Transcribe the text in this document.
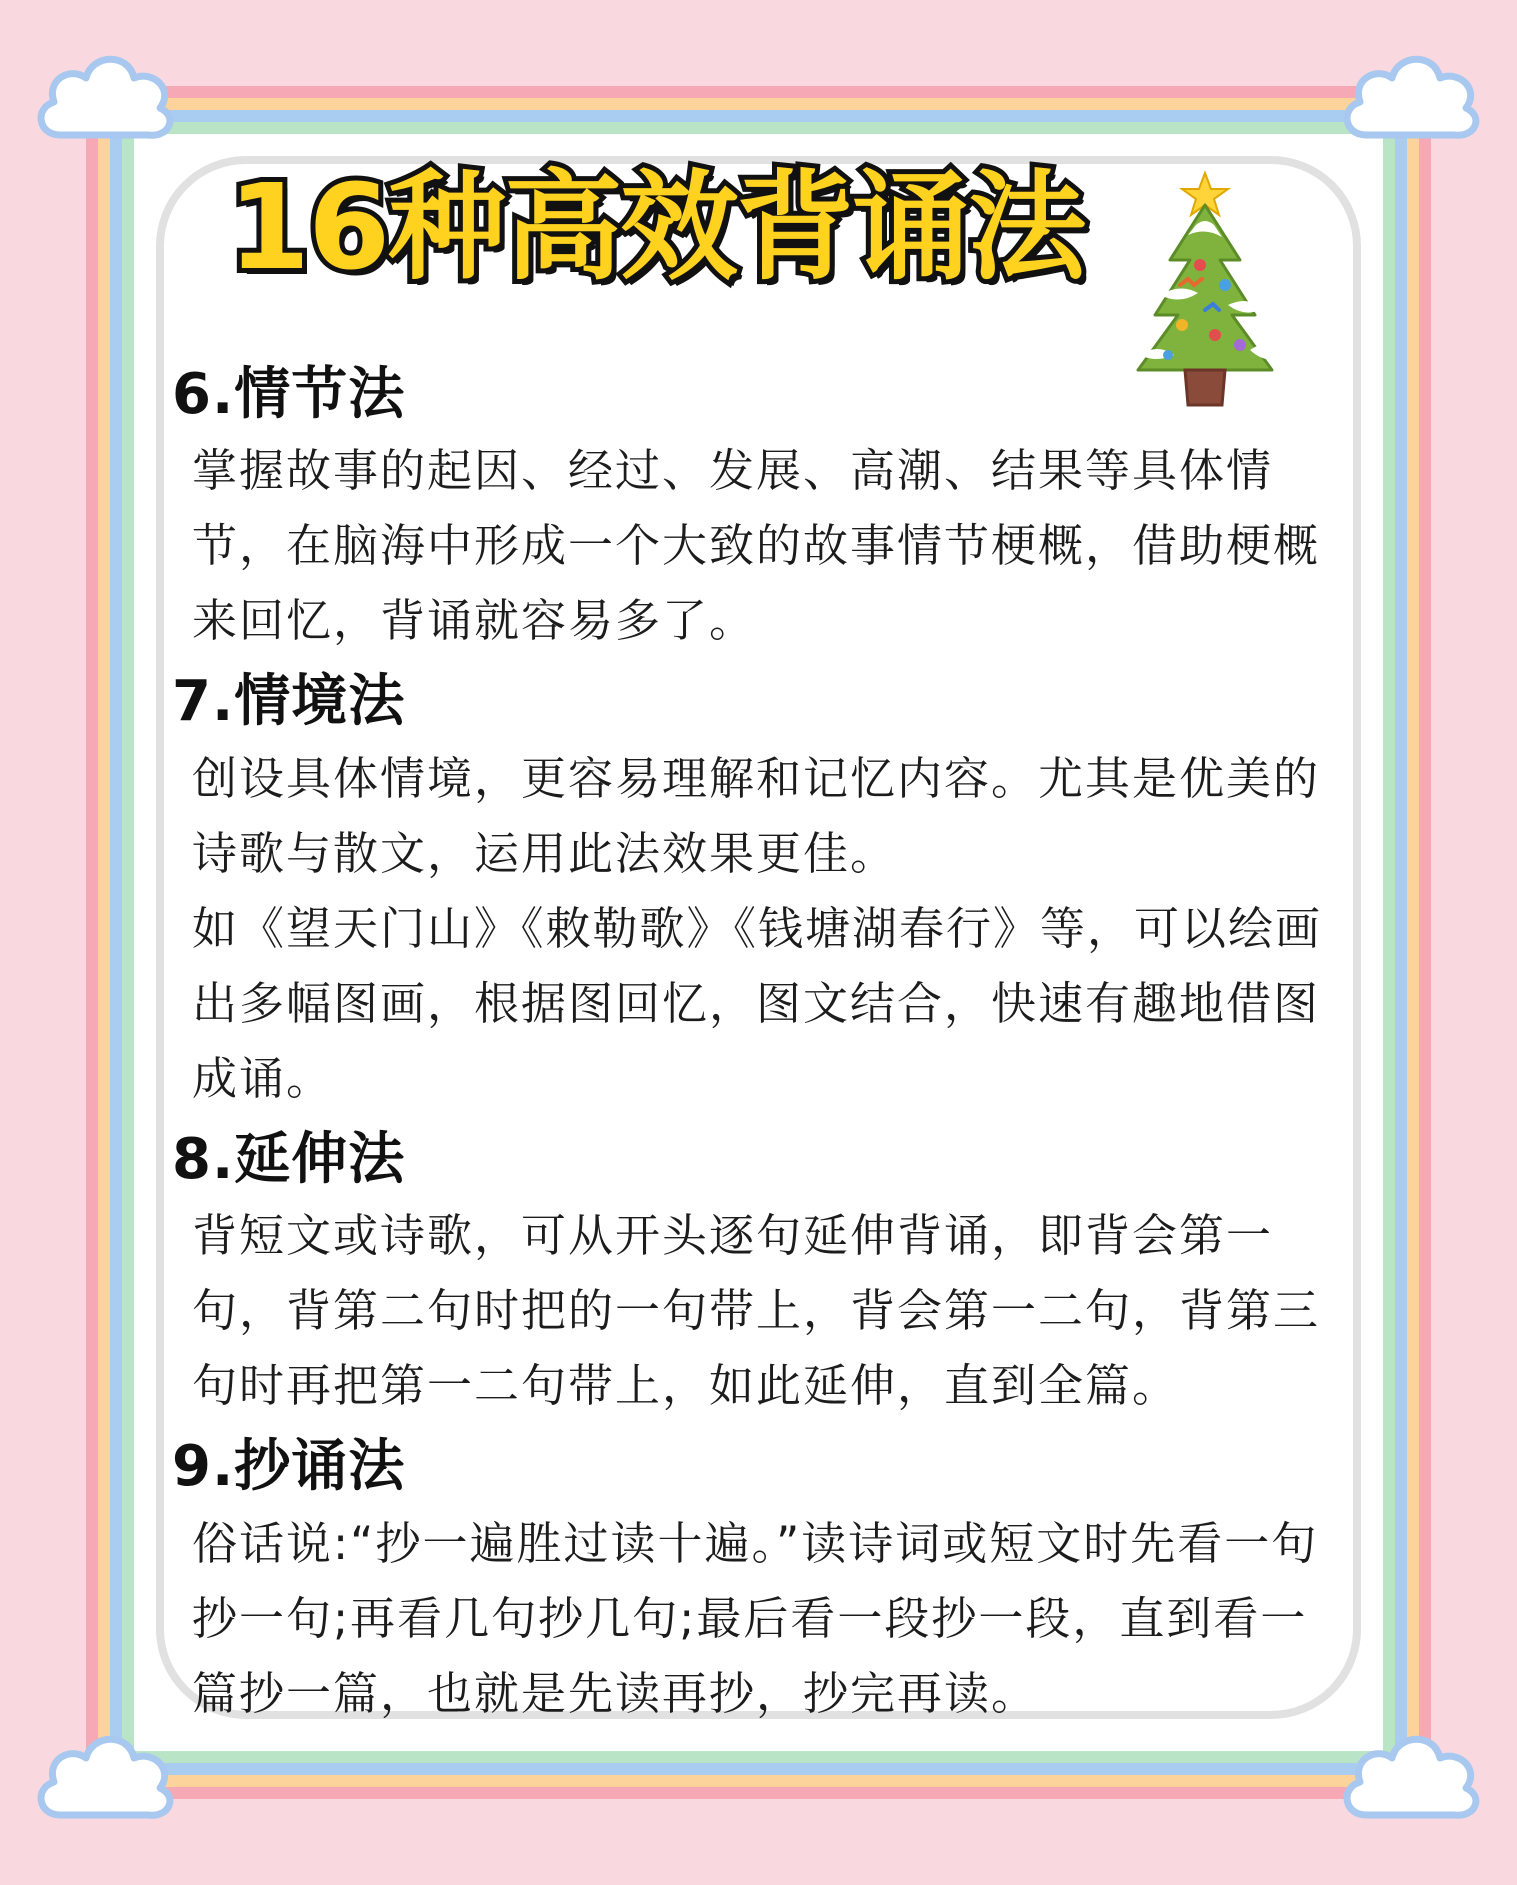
16种高效背诵法
6.情节法

掌握故事的起因、经过、发展、高潮、结果等具体情节，在脑海中形成一个大致的故事情节梗概，借助梗概来回忆，背诵就容易多了。

7.情境法

创设具体情境，更容易理解和记忆内容。尤其是优美的诗歌与散文，运用此法效果更佳。

如《望天门山》《敕勒歌》《钱塘湖春行》等，可以绘画出多幅图画，根据图回忆，图文结合，快速有趣地借图成诵。

8.延伸法

背短文或诗歌，可从开头逐句延伸背诵，即背会第一句，背第二句时把的一句带上，背会第一二句，背第三句时再把第一二句带上，如此延伸，直到全篇。

9.抄诵法

俗话说:“抄一遍胜过读十遍。”读诗词或短文时先看一句抄一句;再看几句抄几句;最后看一段抄一段，直到看一篇抄一篇，也就是先读再抄，抄完再读。
